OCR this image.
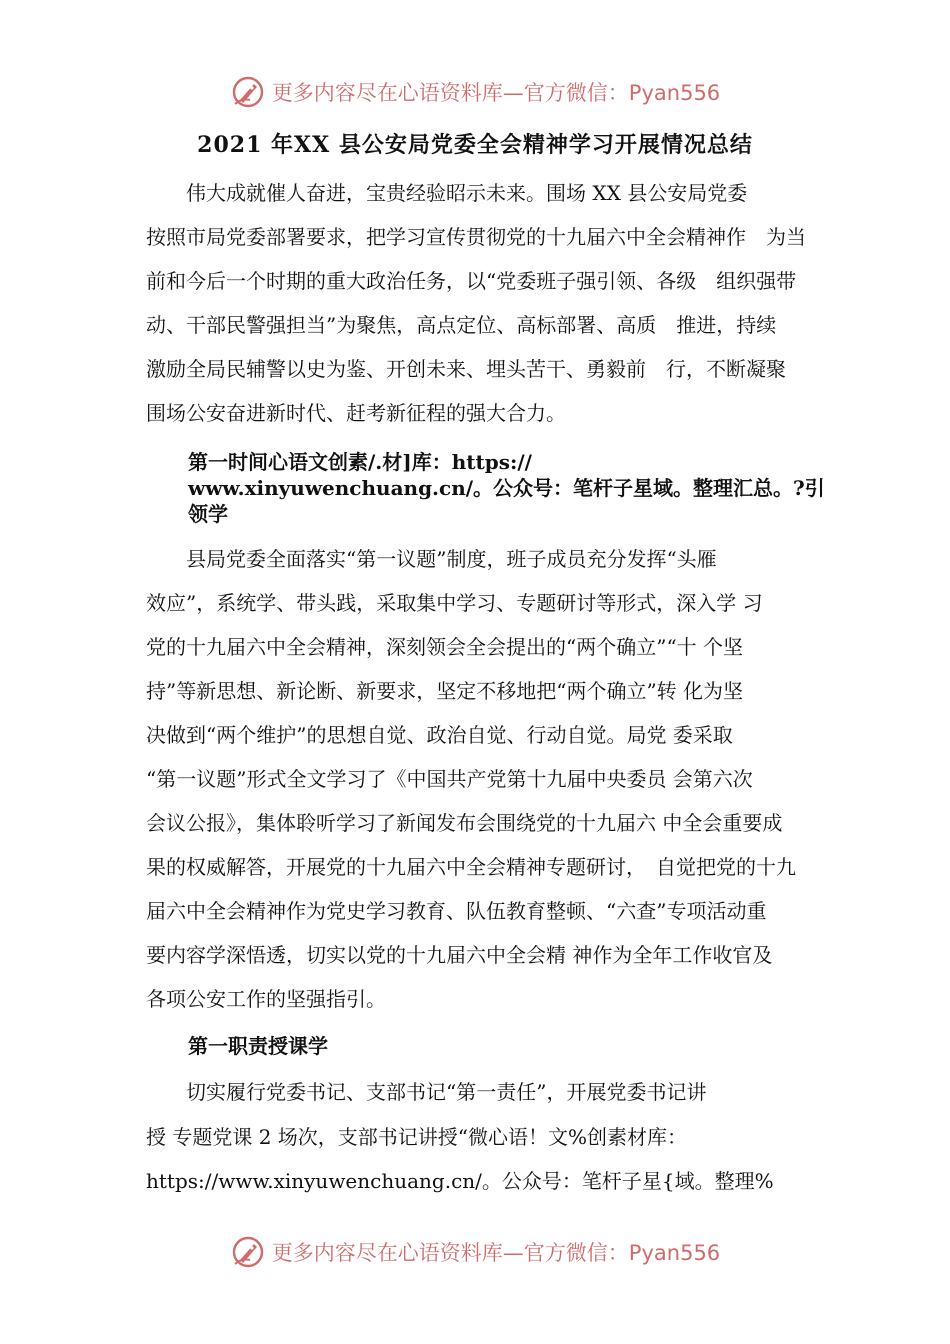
更多内容尽在心语资料库—官方微信：Pyan556
2021 年XX 县公安局党委全会精神学习开展情况总结
　　伟大成就催人奋进，宝贵经验昭示未来。围场 XX 县公安局党委
按照市局党委部署要求，把学习宣传贯彻党的十九届六中全会精神作　为当
前和今后一个时期的重大政治任务，以“党委班子强引领、各级　组织强带
动、干部民警强担当”为聚焦，高点定位、高标部署、高质　推进，持续
激励全局民辅警以史为鉴、开创未来、埋头苦干、勇毅前　行，不断凝聚
围场公安奋进新时代、赶考新征程的强大合力。
第一时间心语文创素/.材]库：https://
www.xinyuwenchuang.cn/。公众号：笔杆子星域。整理汇总。?引
领学
　　县局党委全面落实“第一议题”制度，班子成员充分发挥“头雁
效应”，系统学、带头践，采取集中学习、专题研讨等形式，深入学 习
党的十九届六中全会精神，深刻领会全会提出的“两个确立”“十 个坚
持”等新思想、新论断、新要求，坚定不移地把“两个确立”转 化为坚
决做到“两个维护”的思想自觉、政治自觉、行动自觉。局党 委采取
“第一议题”形式全文学习了《中国共产党第十九届中央委员 会第六次
会议公报》，集体聆听学习了新闻发布会围绕党的十九届六 中全会重要成
果的权威解答，开展党的十九届六中全会精神专题研讨，　自觉把党的十九
届六中全会精神作为党史学习教育、队伍教育整顿、“六查”专项活动重
要内容学深悟透，切实以党的十九届六中全会精 神作为全年工作收官及
各项公安工作的坚强指引。
第一职责授课学
　　切实履行党委书记、支部书记“第一责任”，开展党委书记讲
授 专题党课 2 场次，支部书记讲授“微心语！文%创素材库：
https://www.xinyuwenchuang.cn/。公众号：笔杆子星{域。整理%
更多内容尽在心语资料库—官方微信：Pyan556
